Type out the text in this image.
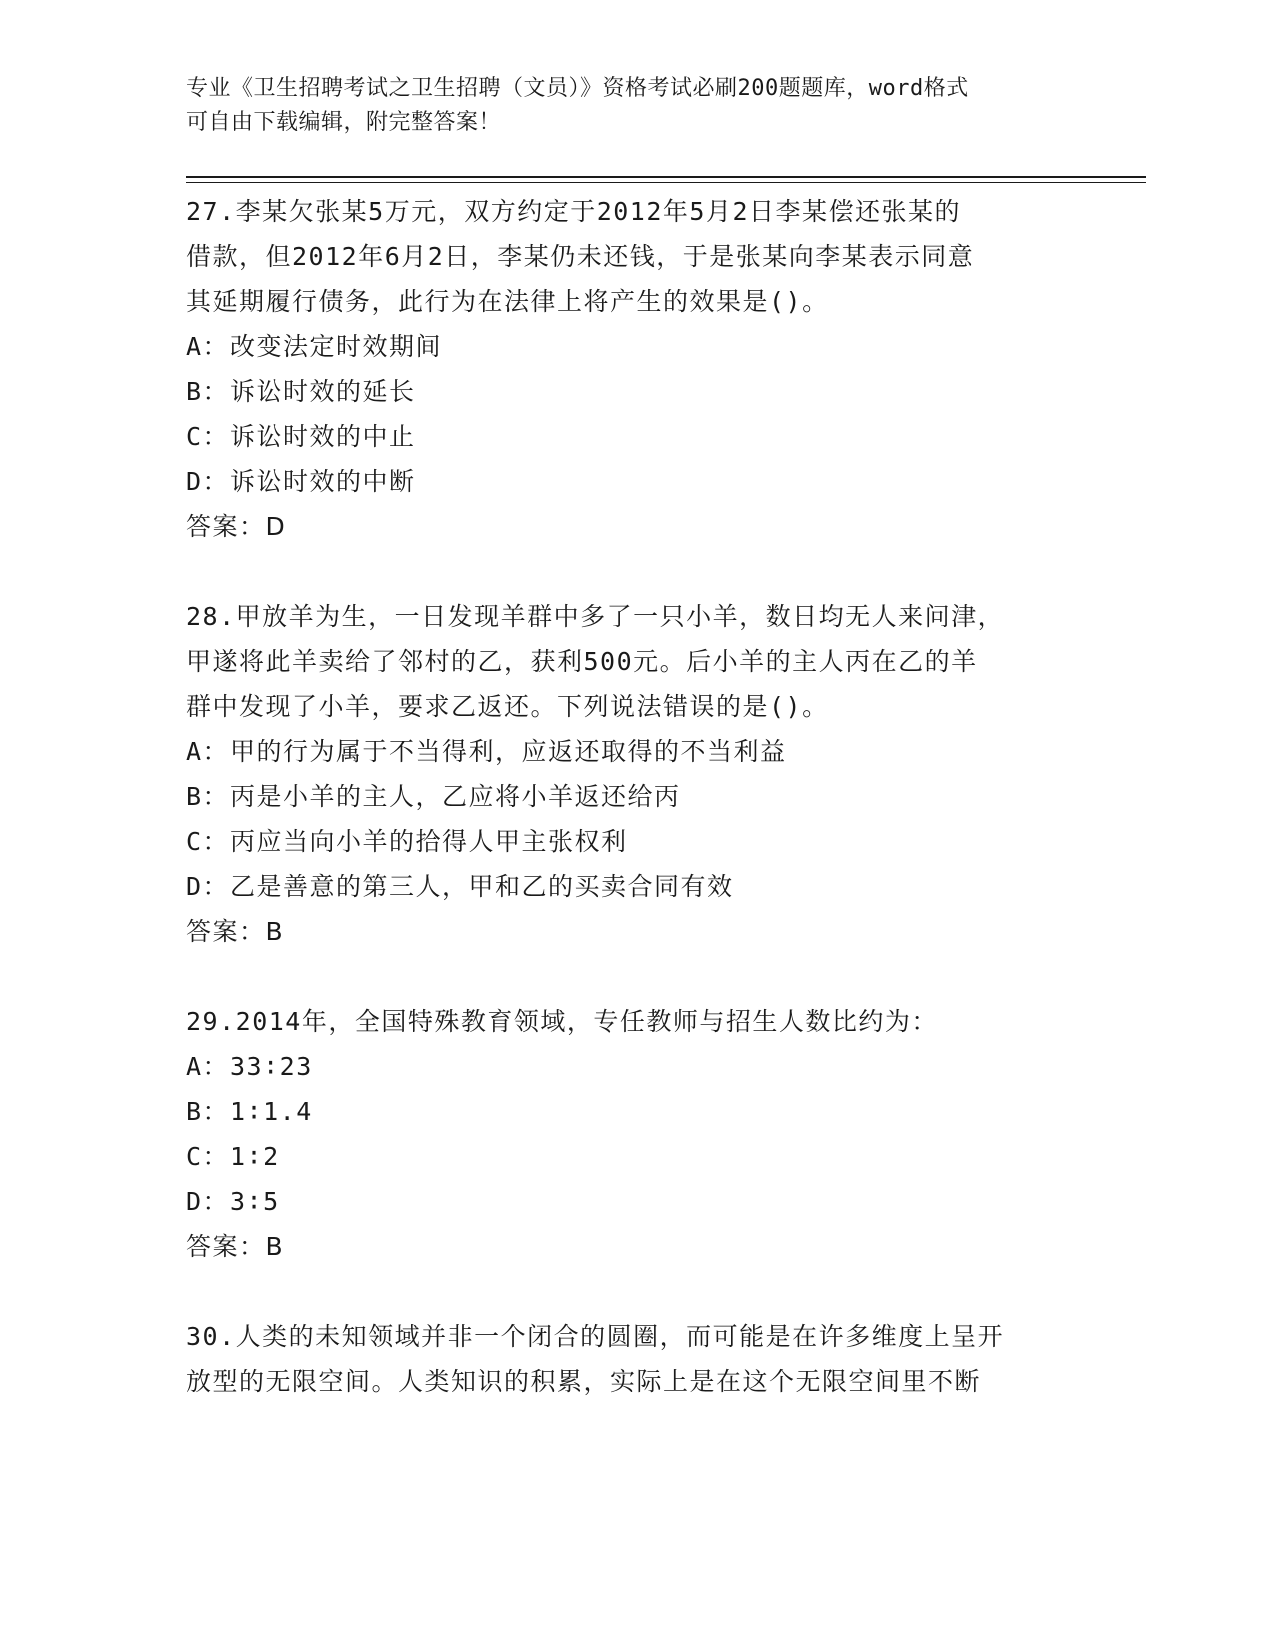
专业《卫生招聘考试之卫生招聘（文员）》资格考试必刷200题题库，word格式
可自由下载编辑，附完整答案！
27.李某欠张某5万元，双方约定于2012年5月2日李某偿还张某的
借款，但2012年6月2日，李某仍未还钱，于是张某向李某表示同意
其延期履行债务，此行为在法律上将产生的效果是()。
A：改变法定时效期间
B：诉讼时效的延长
C：诉讼时效的中止
D：诉讼时效的中断
答案：D
28.甲放羊为生，一日发现羊群中多了一只小羊，数日均无人来问津，
甲遂将此羊卖给了邻村的乙，获利500元。后小羊的主人丙在乙的羊
群中发现了小羊，要求乙返还。下列说法错误的是()。
A：甲的行为属于不当得利，应返还取得的不当利益
B：丙是小羊的主人，乙应将小羊返还给丙
C：丙应当向小羊的拾得人甲主张权利
D：乙是善意的第三人，甲和乙的买卖合同有效
答案：B
29.2014年，全国特殊教育领域，专任教师与招生人数比约为：
A：33∶23
B：1∶1.4
C：1∶2
D：3∶5
答案：B
30.人类的未知领域并非一个闭合的圆圈，而可能是在许多维度上呈开
放型的无限空间。人类知识的积累，实际上是在这个无限空间里不断
